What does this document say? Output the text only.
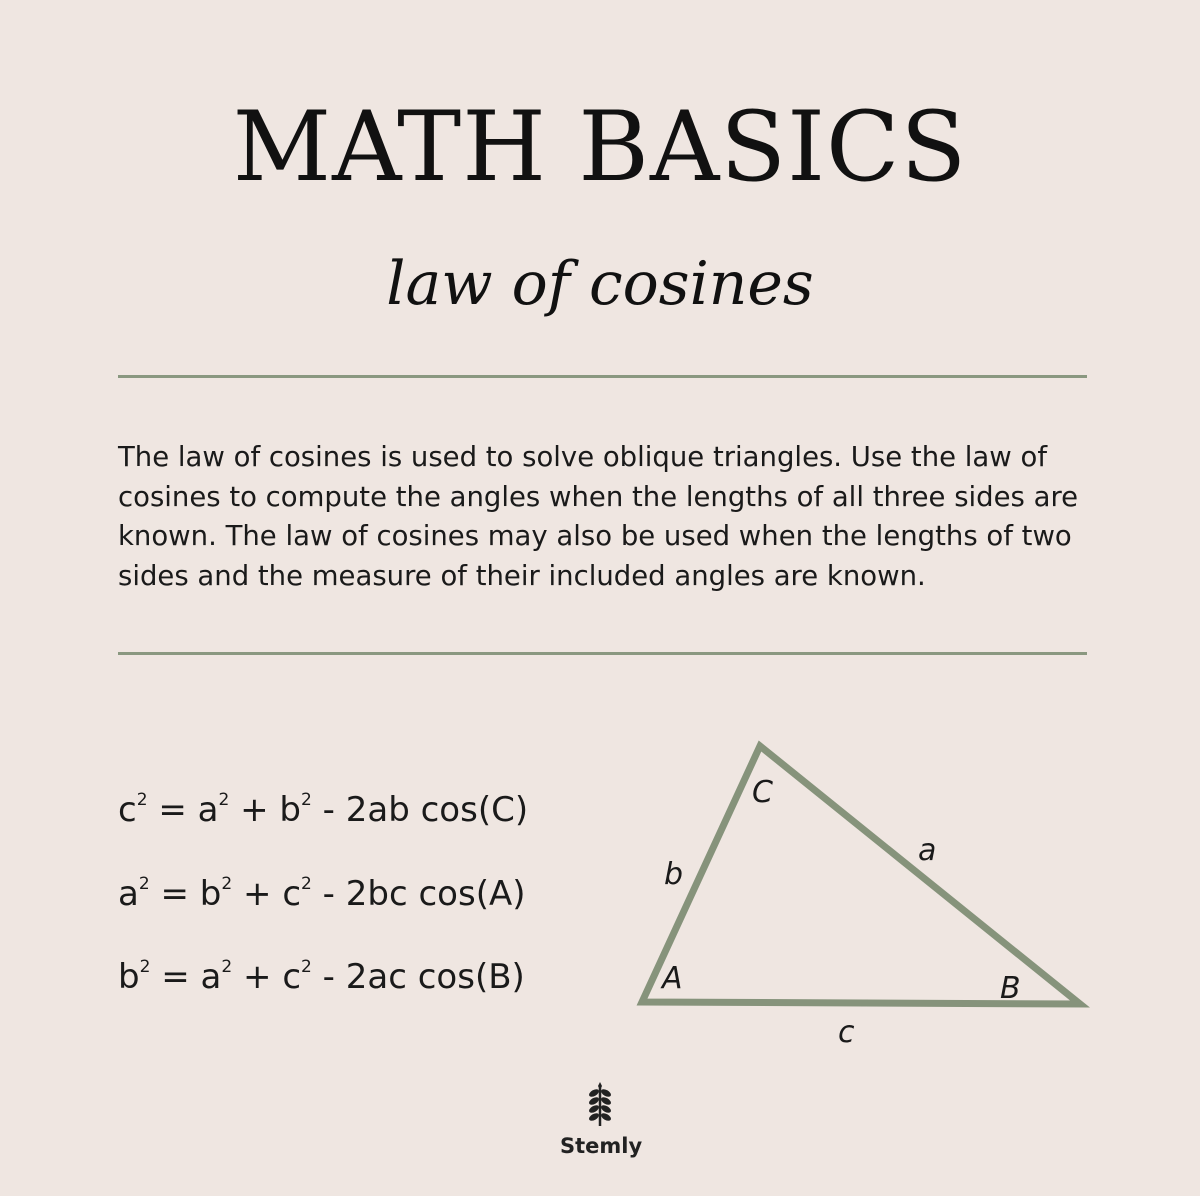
MATH BASICS
law of cosines

The law of cosines is used to solve oblique triangles. Use the law of cosines to compute the angles when the lengths of all three sides are known. The law of cosines may also be used when the lengths of two sides and the measure of their included angles are known.

$c^2 = a^2 + b^2 - 2ab$ cos(C)
$a^2 = b^2 + c^2 - 2bc$ cos(A)
$b^2 = a^2 + c^2 - 2ac$ cos(B)
C
A	B
b
a
c
Stemly
